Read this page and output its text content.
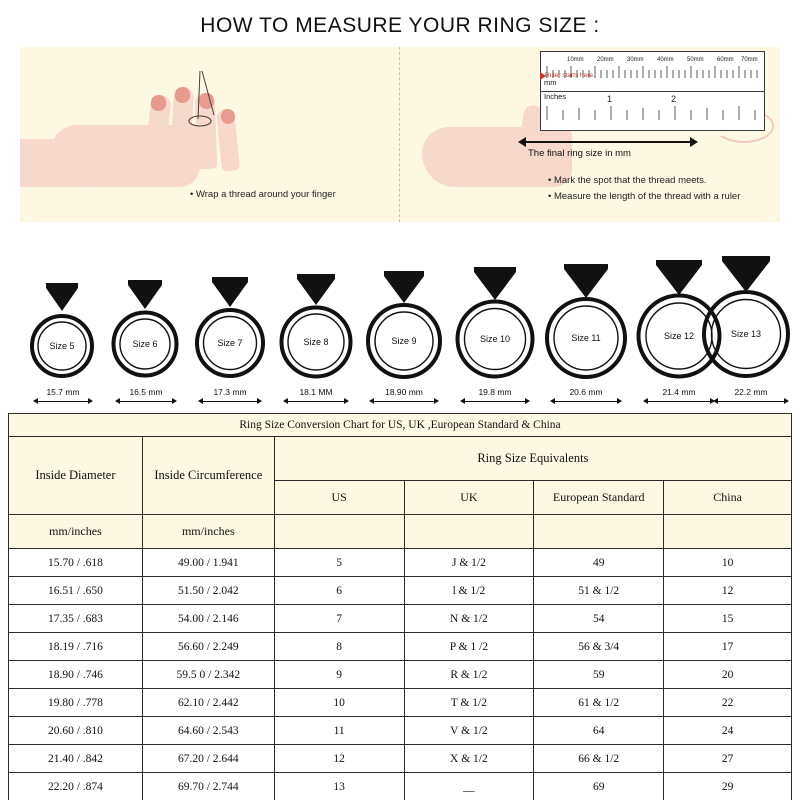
HOW TO MEASURE YOUR RING SIZE :
• Wrap a thread around your finger
mm
10mm 20mm 30mm 40mm 50mm 60mm 70mm
Ruler starts here.
Inches	1	2
The final ring size in mm
• Mark the spot that the thread meets.
• Measure the length of the thread with a ruler
Size 5	Size 6	Size 7	Size 8	Size 9	Size 10	Size 11	Size 12	Size 13
15.7 mm	16.5 mm	17.3 mm	18.1 MM	18.90 mm	19.8 mm	20.6 mm	21.4 mm	22.2 mm
Ring Size Conversion Chart for US, UK ,European Standard & China					
Inside Diameter	Inside Circumference	Ring Size Equivalents			
		US	UK	European Standard	China
mm/inches	mm/inches				
15.70 / .618	49.00 / 1.941	5	J & 1/2	49	10
16.51 / .650	51.50 / 2.042	6	l & 1/2	51 & 1/2	12
17.35 / .683	54.00 / 2.146	7	N & 1/2	54	15
18.19 / .716	56.60 / 2.249	8	P & 1 /2	56 & 3/4	17
18.90 / .746	59.5 0 / 2.342	9	R & 1/2	59	20
19.80 / .778	62.10 / 2.442	10	T & 1/2	61 & 1/2	22
20.60 / .810	64.60 / 2.543	11	V & 1/2	64	24
21.40 / .842	67.20 / 2.644	12	X & 1/2	66 & 1/2	27
22.20 / .874	69.70 / 2.744	13	__	69	29
